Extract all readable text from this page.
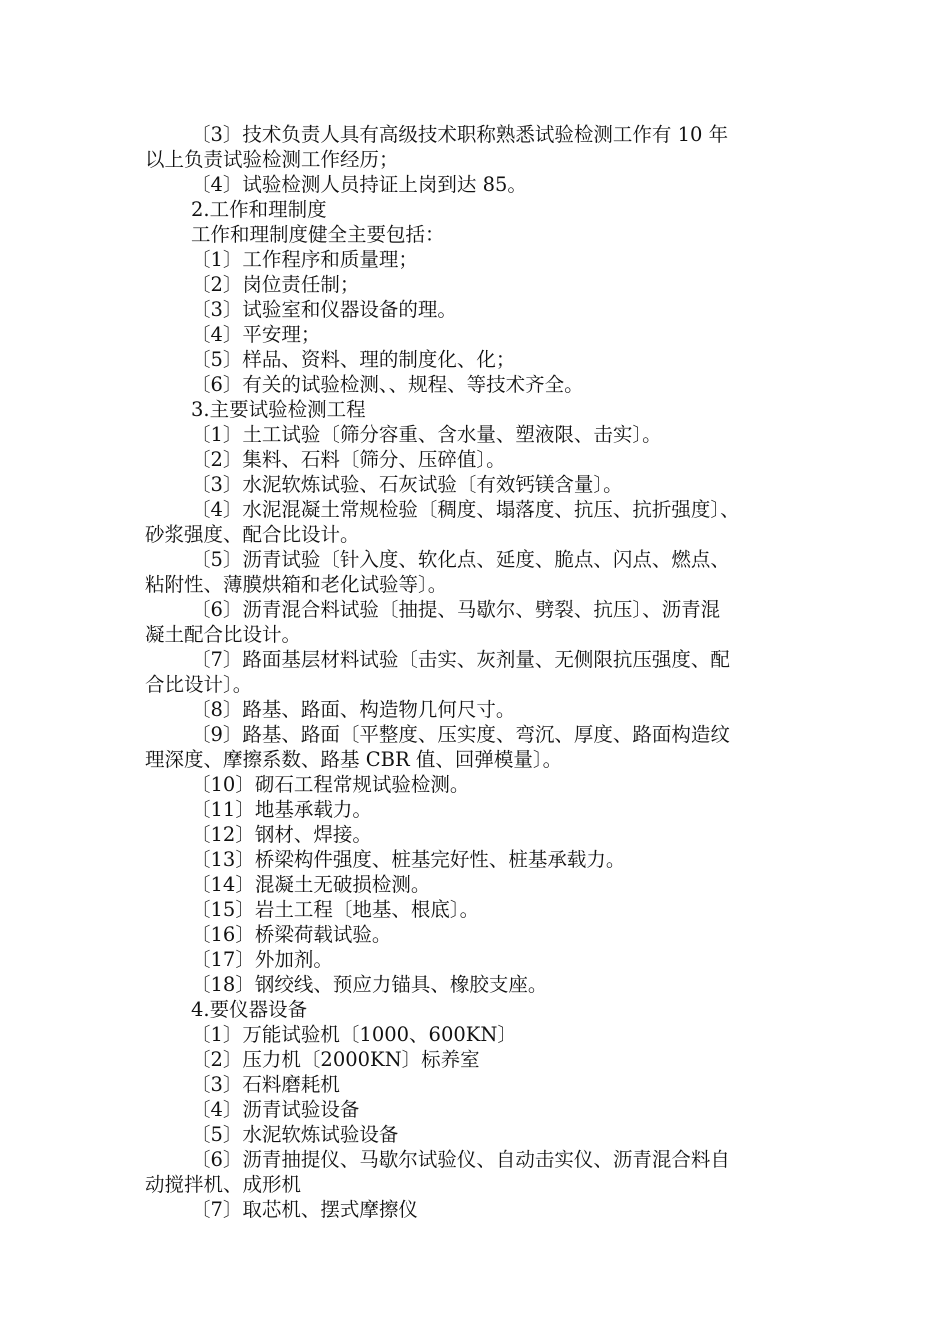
〔3〕技术负责人具有高级技术职称熟悉试验检测工作有 10 年
以上负责试验检测工作经历；
〔4〕试验检测人员持证上岗到达 85。
2.工作和理制度
工作和理制度健全主要包括：
〔1〕工作程序和质量理；
〔2〕岗位责任制；
〔3〕试验室和仪器设备的理。
〔4〕平安理；
〔5〕样品、资料、理的制度化、化；
〔6〕有关的试验检测、、规程、等技术齐全。
3.主要试验检测工程
〔1〕土工试验〔筛分容重、含水量、塑液限、击实〕。
〔2〕集料、石料〔筛分、压碎值〕。
〔3〕水泥软炼试验、石灰试验〔有效钙镁含量〕。
〔4〕水泥混凝土常规检验〔稠度、塌落度、抗压、抗折强度〕、
砂浆强度、配合比设计。
〔5〕沥青试验〔针入度、软化点、延度、脆点、闪点、燃点、
粘附性、薄膜烘箱和老化试验等〕。
〔6〕沥青混合料试验〔抽提、马歇尔、劈裂、抗压〕、沥青混
凝土配合比设计。
〔7〕路面基层材料试验〔击实、灰剂量、无侧限抗压强度、配
合比设计〕。
〔8〕路基、路面、构造物几何尺寸。
〔9〕路基、路面〔平整度、压实度、弯沉、厚度、路面构造纹
理深度、摩擦系数、路基 CBR 值、回弹模量〕。
〔10〕砌石工程常规试验检测。
〔11〕地基承载力。
〔12〕钢材、焊接。
〔13〕桥梁构件强度、桩基完好性、桩基承载力。
〔14〕混凝土无破损检测。
〔15〕岩土工程〔地基、根底〕。
〔16〕桥梁荷载试验。
〔17〕外加剂。
〔18〕钢绞线、预应力锚具、橡胶支座。
4.要仪器设备
〔1〕万能试验机〔1000、600KN〕
〔2〕压力机〔2000KN〕标养室
〔3〕石料磨耗机
〔4〕沥青试验设备
〔5〕水泥软炼试验设备
〔6〕沥青抽提仪、马歇尔试验仪、自动击实仪、沥青混合料自
动搅拌机、成形机
〔7〕取芯机、摆式摩擦仪
